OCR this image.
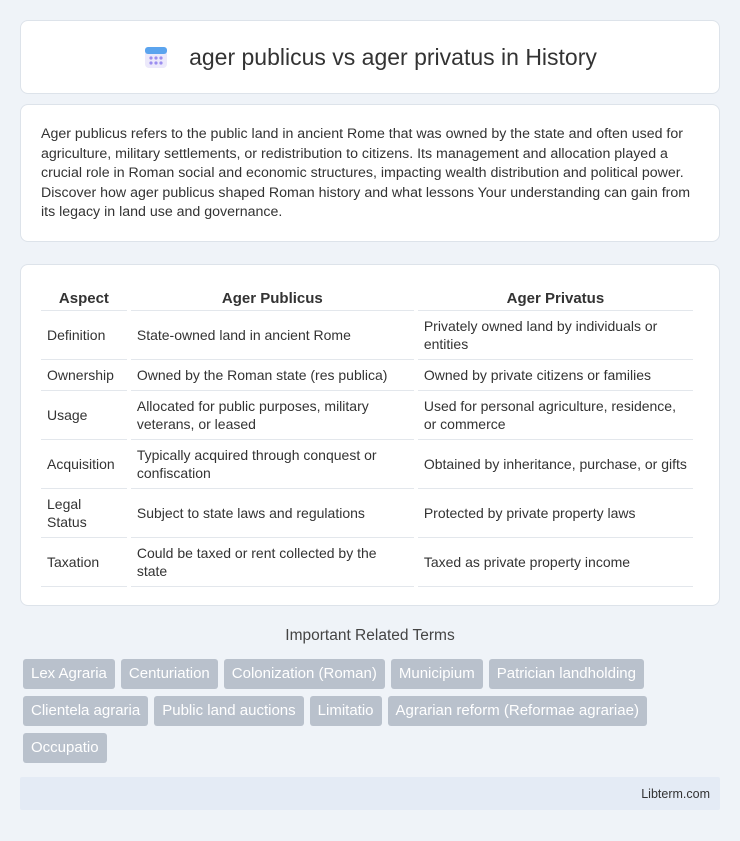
ager publicus vs ager privatus in History

Ager publicus refers to the public land in ancient Rome that was owned by the state and often used for agriculture, military settlements, or redistribution to citizens. Its management and allocation played a crucial role in Roman social and economic structures, impacting wealth distribution and political power. Discover how ager publicus shaped Roman history and what lessons Your understanding can gain from its legacy in land use and governance.

Aspect	Ager Publicus	Ager Privatus
Definition	State-owned land in ancient Rome	Privately owned land by individuals or entities
Ownership	Owned by the Roman state (res publica)	Owned by private citizens or families
Usage	Allocated for public purposes, military veterans, or leased	Used for personal agriculture, residence, or commerce
Acquisition	Typically acquired through conquest or confiscation	Obtained by inheritance, purchase, or gifts
Legal Status	Subject to state laws and regulations	Protected by private property laws
Taxation	Could be taxed or rent collected by the state	Taxed as private property income
Important Related Terms
Lex Agraria	Centuriation	Colonization (Roman)	Municipium	Patrician landholding
Clientela agraria	Public land auctions	Limitatio	Agrarian reform (Reformae agrariae)
Occupatio
Libterm.com
